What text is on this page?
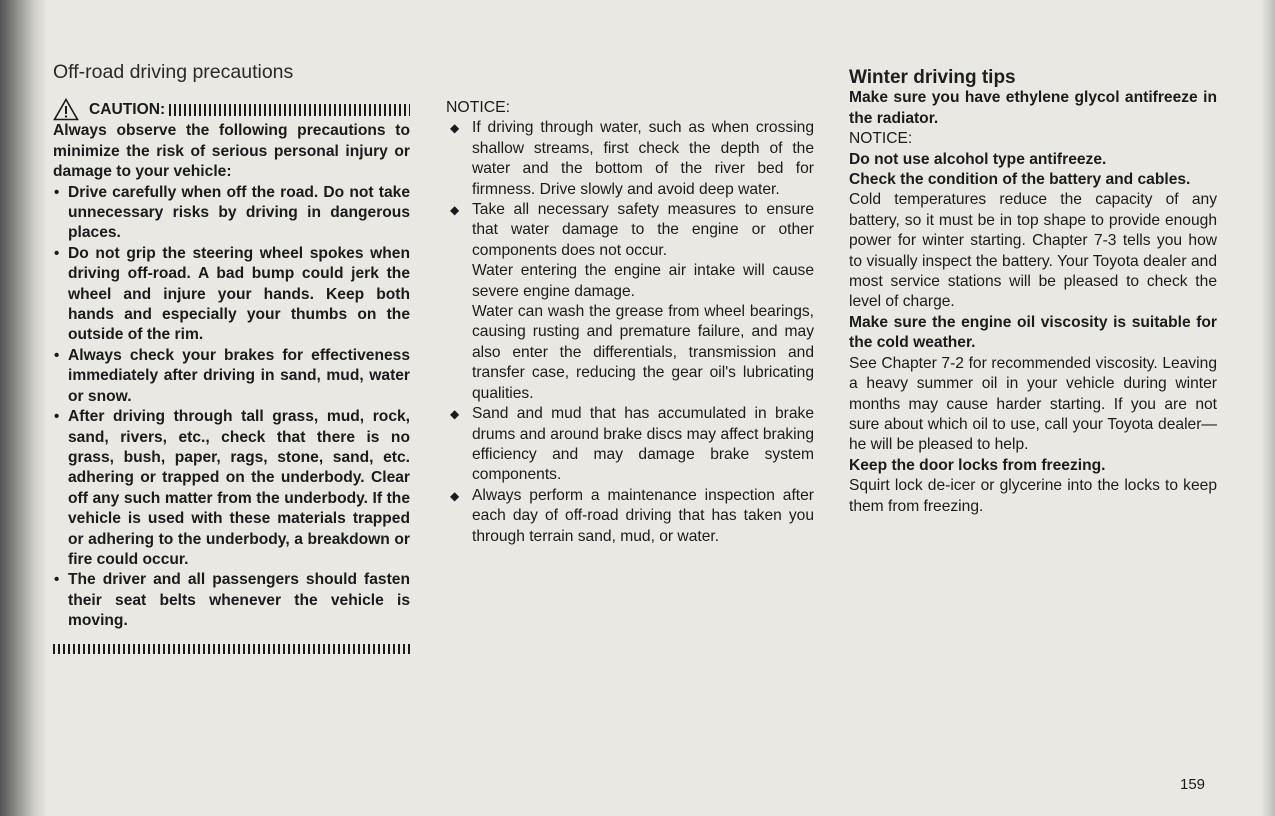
Off-road driving precautions
CAUTION:

Always observe the following precautions to minimize the risk of serious personal injury or damage to your vehicle:

• Drive carefully when off the road. Do not take unnecessary risks by driving in dangerous places.

• Do not grip the steering wheel spokes when driving off-road. A bad bump could jerk the wheel and injure your hands. Keep both hands and especially your thumbs on the outside of the rim.

• Always check your brakes for effectiveness immediately after driving in sand, mud, water or snow.

• After driving through tall grass, mud, rock, sand, rivers, etc., check that there is no grass, bush, paper, rags, stone, sand, etc. adhering or trapped on the underbody. Clear off any such matter from the underbody. If the vehicle is used with these materials trapped or adhering to the underbody, a breakdown or fire could occur.

• The driver and all passengers should fasten their seat belts whenever the vehicle is moving.

NOTICE:

◆ If driving through water, such as when crossing shallow streams, first check the depth of the water and the bottom of the river bed for firmness. Drive slowly and avoid deep water.

◆ Take all necessary safety measures to ensure that water damage to the engine or other components does not occur.

Water entering the engine air intake will cause severe engine damage.

Water can wash the grease from wheel bearings, causing rusting and premature failure, and may also enter the differentials, transmission and transfer case, reducing the gear oil's lubricating qualities.

◆ Sand and mud that has accumulated in brake drums and around brake discs may affect braking efficiency and may damage brake system components.

◆ Always perform a maintenance inspection after each day of off-road driving that has taken you through terrain sand, mud, or water.

Winter driving tips

Make sure you have ethylene glycol antifreeze in the radiator.

NOTICE:

Do not use alcohol type antifreeze.

Check the condition of the battery and cables.

Cold temperatures reduce the capacity of any battery, so it must be in top shape to provide enough power for winter starting. Chapter 7-3 tells you how to visually inspect the battery. Your Toyota dealer and most service stations will be pleased to check the level of charge.

Make sure the engine oil viscosity is suitable for the cold weather.

See Chapter 7-2 for recommended viscosity. Leaving a heavy summer oil in your vehicle during winter months may cause harder starting. If you are not sure about which oil to use, call your Toyota dealer—he will be pleased to help.

Keep the door locks from freezing.

Squirt lock de-icer or glycerine into the locks to keep them from freezing.

159
